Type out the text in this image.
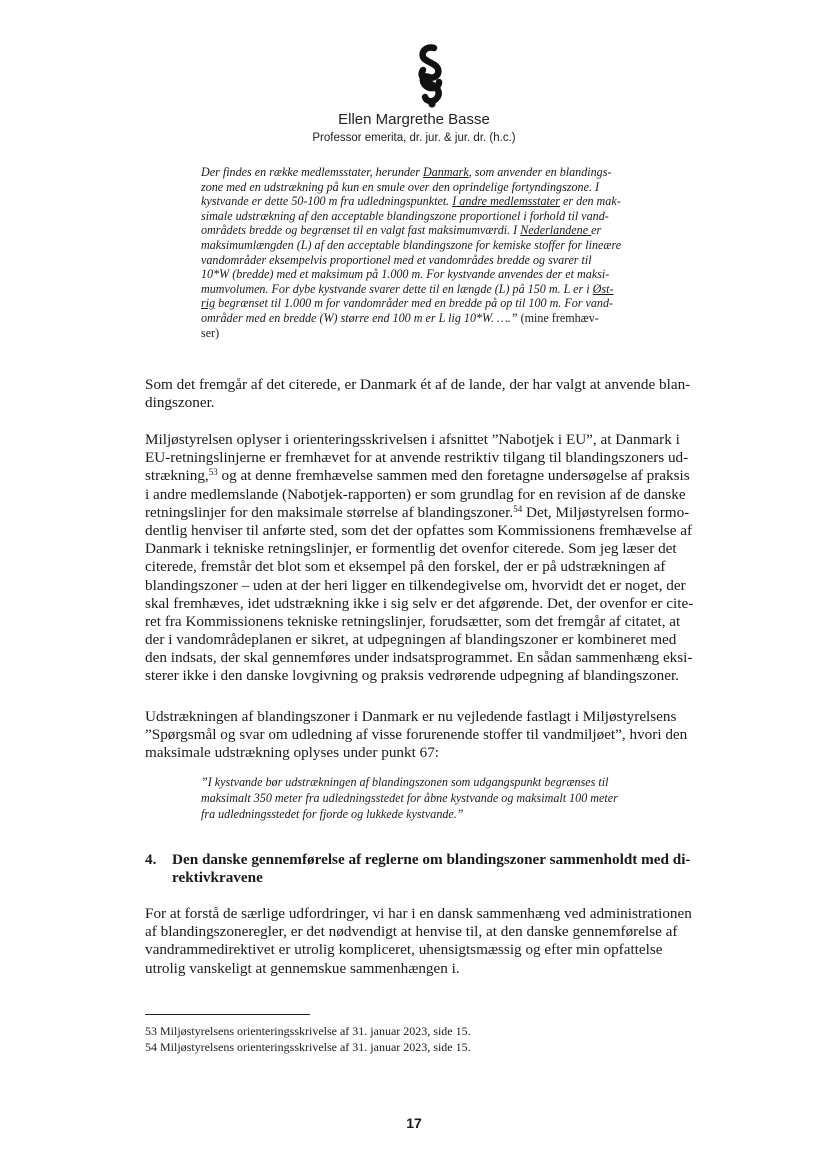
Ellen Margrethe Basse
Professor emerita, dr. jur. & jur. dr. (h.c.)
Der findes en række medlemsstater, herunder Danmark, som anvender en blandings-
zone med en udstrækning på kun en smule over den oprindelige fortyndingszone. I
kystvande er dette 50-100 m fra udledningspunktet. I andre medlemsstater er den mak-
simale udstrækning af den acceptable blandingszone proportionel i forhold til vand-
områdets bredde og begrænset til en valgt fast maksimumværdi. I Nederlandene er
maksimumlængden (L) af den acceptable blandingszone for kemiske stoffer for lineære
vandområder eksempelvis proportionel med et vandområdes bredde og svarer til
10*W (bredde) med et maksimum på 1.000 m. For kystvande anvendes der et maksi-
mumvolumen. For dybe kystvande svarer dette til en længde (L) på 150 m. L er i Øst-
rig begrænset til 1.000 m for vandområder med en bredde på op til 100 m. For vand-
områder med en bredde (W) større end 100 m er L lig 10*W. ….” (mine fremhæv-
ser)
Som det fremgår af det citerede, er Danmark ét af de lande, der har valgt at anvende blan-
dingszoner.
Miljøstyrelsen oplyser i orienteringsskrivelsen i afsnittet ”Nabotjek i EU”, at Danmark i
EU-retningslinjerne er fremhævet for at anvende restriktiv tilgang til blandingszoners ud-
strækning,$^{53}$ og at denne fremhævelse sammen med den foretagne undersøgelse af praksis
i andre medlemslande (Nabotjek-rapporten) er som grundlag for en revision af de danske
retningslinjer for den maksimale størrelse af blandingszoner.$^{54}$ Det, Miljøstyrelsen formo-
dentlig henviser til anførte sted, som det der opfattes som Kommissionens fremhævelse af
Danmark i tekniske retningslinjer, er formentlig det ovenfor citerede. Som jeg læser det
citerede, fremstår det blot som et eksempel på den forskel, der er på udstrækningen af
blandingszoner – uden at der heri ligger en tilkendegivelse om, hvorvidt det er noget, der
skal fremhæves, idet udstrækning ikke i sig selv er det afgørende. Det, der ovenfor er cite-
ret fra Kommissionens tekniske retningslinjer, forudsætter, som det fremgår af citatet, at
der i vandområdeplanen er sikret, at udpegningen af blandingszoner er kombineret med
den indsats, der skal gennemføres under indsatsprogrammet. En sådan sammenhæng eksi-
sterer ikke i den danske lovgivning og praksis vedrørende udpegning af blandingszoner.
Udstrækningen af blandingszoner i Danmark er nu vejledende fastlagt i Miljøstyrelsens
”Spørgsmål og svar om udledning af visse forurenende stoffer til vandmiljøet”, hvori den
maksimale udstrækning oplyses under punkt 67:
”I kystvande bør udstrækningen af blandingszonen som udgangspunkt begrænses til
maksimalt 350 meter fra udledningsstedet for åbne kystvande og maksimalt 100 meter
fra udledningsstedet for fjorde og lukkede kystvande.”
4.	Den danske gennemførelse af reglerne om blandingszoner sammenholdt med di-
rektivkravene
For at forstå de særlige udfordringer, vi har i en dansk sammenhæng ved administrationen
af blandingszoneregler, er det nødvendigt at henvise til, at den danske gennemførelse af
vandrammedirektivet er utrolig kompliceret, uhensigtsmæssig og efter min opfattelse
utrolig vanskeligt at gennemskue sammenhængen i.
53 Miljøstyrelsens orienteringsskrivelse af 31. januar 2023, side 15.
54 Miljøstyrelsens orienteringsskrivelse af 31. januar 2023, side 15.
17
